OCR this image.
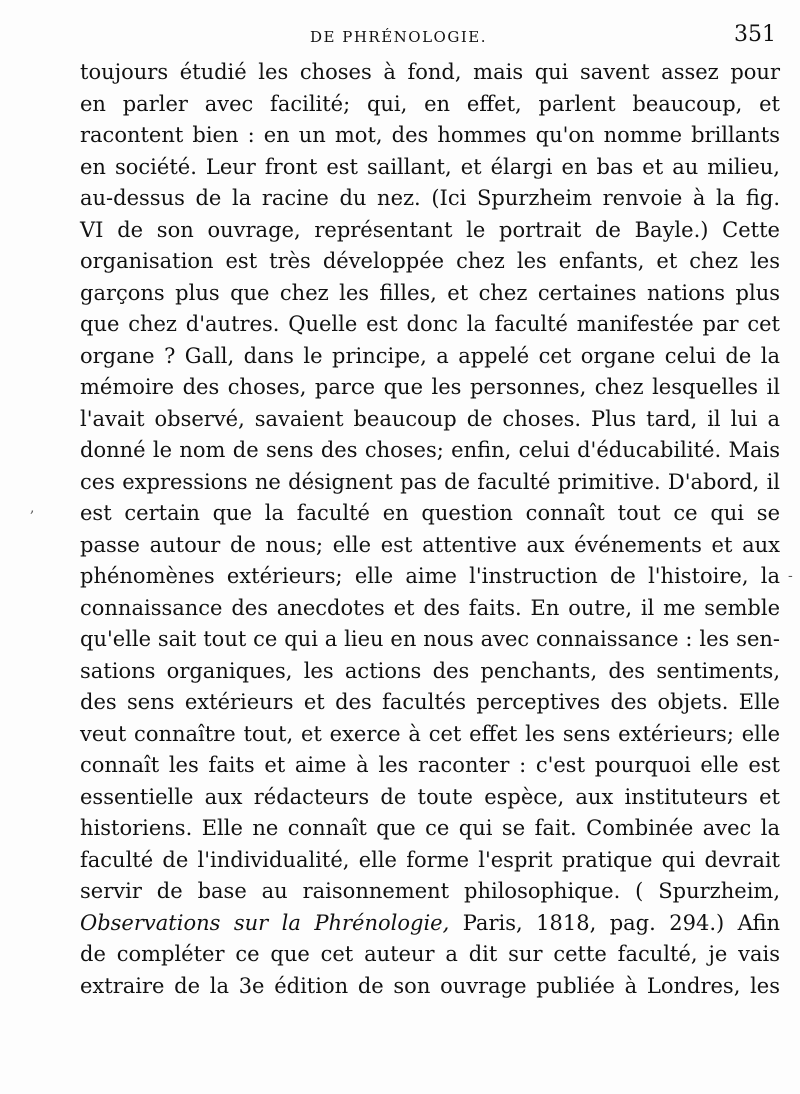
DE PHRÉNOLOGIE.	351
toujours étudié les choses à fond, mais qui savent assez pour
en parler avec facilité; qui, en effet, parlent beaucoup, et
racontent bien : en un mot, des hommes qu'on nomme brillants
en société. Leur front est saillant, et élargi en bas et au milieu,
au-dessus de la racine du nez. (Ici Spurzheim renvoie à la fig.
VI de son ouvrage, représentant le portrait de Bayle.) Cette
organisation est très développée chez les enfants, et chez les
garçons plus que chez les filles, et chez certaines nations plus
que chez d'autres. Quelle est donc la faculté manifestée par cet
organe ? Gall, dans le principe, a appelé cet organe celui de la
mémoire des choses, parce que les personnes, chez lesquelles il
l'avait observé, savaient beaucoup de choses. Plus tard, il lui a
donné le nom de sens des choses; enfin, celui d'éducabilité. Mais
ces expressions ne désignent pas de faculté primitive. D'abord, il
est certain que la faculté en question connaît tout ce qui se
passe autour de nous; elle est attentive aux événements et aux
phénomènes extérieurs; elle aime l'instruction de l'histoire, la
connaissance des anecdotes et des faits. En outre, il me semble
qu'elle sait tout ce qui a lieu en nous avec connaissance : les sen-
sations organiques, les actions des penchants, des sentiments,
des sens extérieurs et des facultés perceptives des objets. Elle
veut connaître tout, et exerce à cet effet les sens extérieurs; elle
connaît les faits et aime à les raconter : c'est pourquoi elle est
essentielle aux rédacteurs de toute espèce, aux instituteurs et
historiens. Elle ne connaît que ce qui se fait. Combinée avec la
faculté de l'individualité, elle forme l'esprit pratique qui devrait
servir de base au raisonnement philosophique. ( Spurzheim,
Observations sur la Phrénologie, Paris, 1818, pag. 294.) Afin
de compléter ce que cet auteur a dit sur cette faculté, je vais
extraire de la 3e édition de son ouvrage publiée à Londres, les
,
-
